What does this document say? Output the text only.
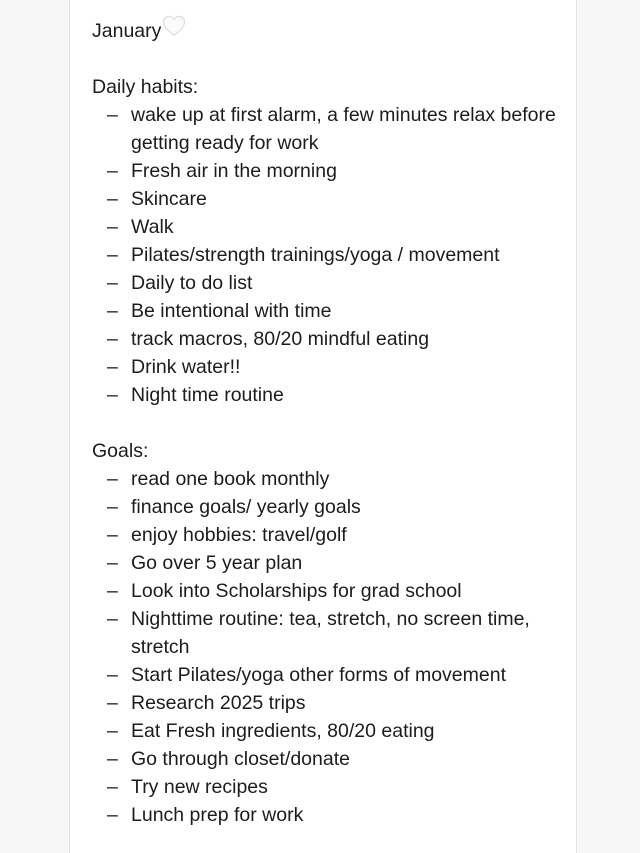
January
Daily habits:
– wake up at first alarm, a few minutes relax before getting ready for work
– Fresh air in the morning
– Skincare
– Walk
– Pilates/strength trainings/yoga / movement
– Daily to do list
– Be intentional with time
– track macros, 80/20 mindful eating
– Drink water!!
– Night time routine
Goals:
– read one book monthly
– finance goals/ yearly goals
– enjoy hobbies: travel/golf
– Go over 5 year plan
– Look into Scholarships for grad school
– Nighttime routine: tea, stretch, no screen time, stretch
– Start Pilates/yoga other forms of movement
– Research 2025 trips
– Eat Fresh ingredients, 80/20 eating
– Go through closet/donate
– Try new recipes
– Lunch prep for work
